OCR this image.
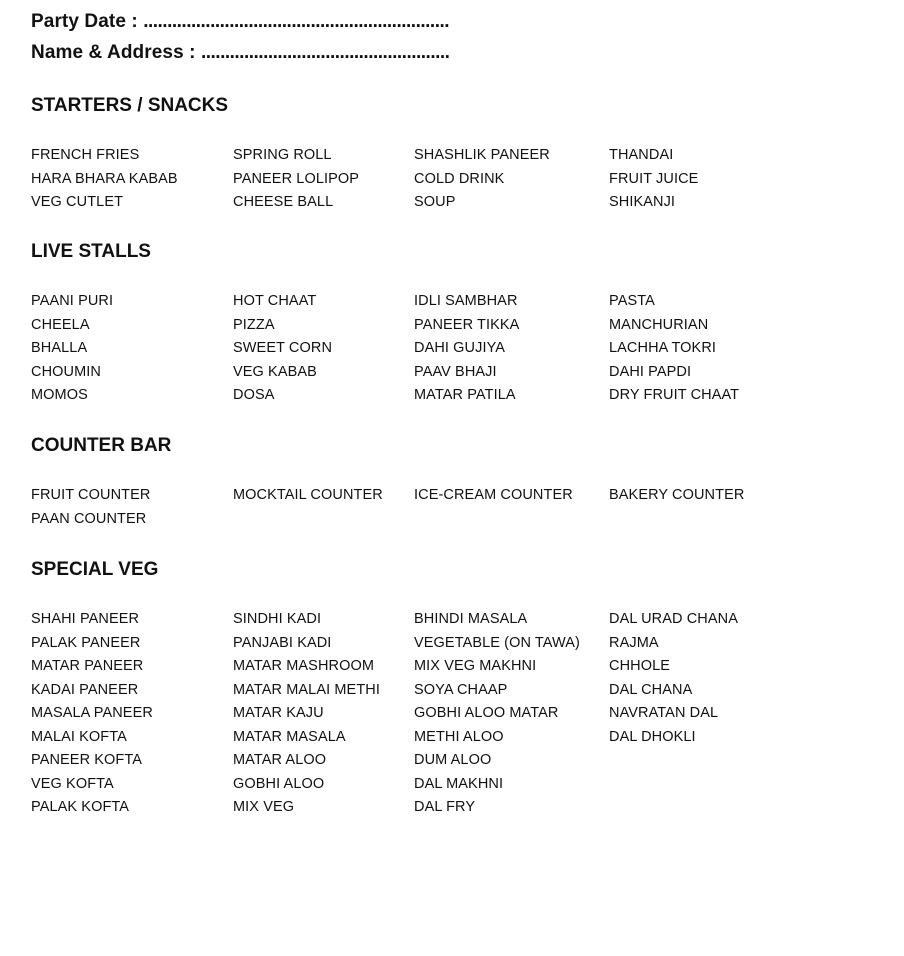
Party Date : ................................................................
Name & Address : ....................................................
STARTERS / SNACKS
FRENCH FRIES
HARA BHARA KABAB
VEG CUTLET
SPRING ROLL
PANEER LOLIPOP
CHEESE BALL
SHASHLIK PANEER
COLD DRINK
SOUP
THANDAI
FRUIT JUICE
SHIKANJI
LIVE STALLS
PAANI PURI
CHEELA
BHALLA
CHOUMIN
MOMOS
HOT CHAAT
PIZZA
SWEET CORN
VEG KABAB
DOSA
IDLI SAMBHAR
PANEER TIKKA
DAHI GUJIYA
PAAV BHAJI
MATAR PATILA
PASTA
MANCHURIAN
LACHHA TOKRI
DAHI PAPDI
DRY FRUIT CHAAT
COUNTER BAR
FRUIT COUNTER
PAAN COUNTER
MOCKTAIL COUNTER ICE-CREAM COUNTER BAKERY COUNTER
SPECIAL VEG
SHAHI PANEER
PALAK PANEER
MATAR PANEER
KADAI PANEER
MASALA PANEER
MALAI KOFTA
PANEER KOFTA
VEG KOFTA
PALAK KOFTA
SINDHI KADI
PANJABI KADI
MATAR MASHROOM
MATAR MALAI METHI
MATAR KAJU
MATAR MASALA
MATAR ALOO
GOBHI ALOO
MIX VEG
BHINDI MASALA
VEGETABLE (ON TAWA)
MIX VEG MAKHNI
SOYA CHAAP
GOBHI ALOO MATAR
METHI ALOO
DUM ALOO
DAL MAKHNI
DAL FRY
DAL URAD CHANA
RAJMA
CHHOLE
DAL CHANA
NAVRATAN DAL
DAL DHOKLI
